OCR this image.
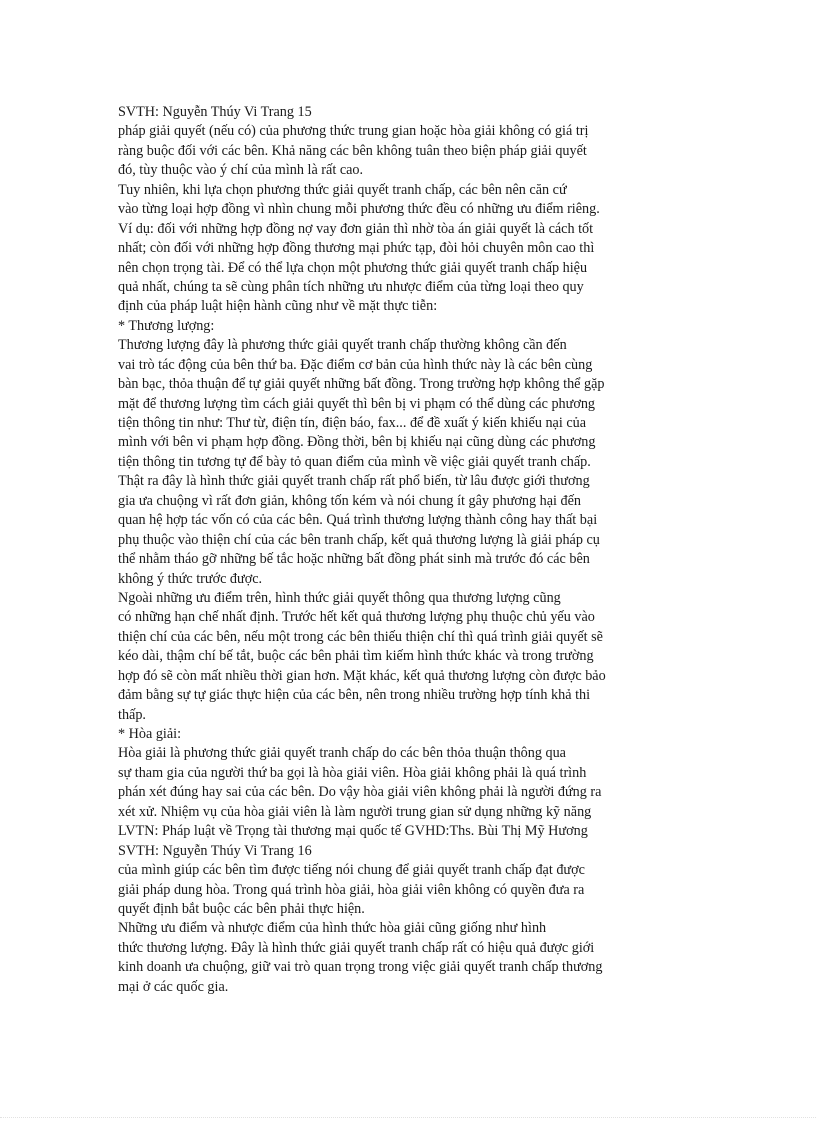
SVTH: Nguyễn Thúy Vi Trang 15
pháp giải quyết (nếu có) của phương thức trung gian hoặc hòa giải không có giá trị
ràng buộc đối với các bên. Khả năng các bên không tuân theo biện pháp giải quyết
đó, tùy thuộc vào ý chí của mình là rất cao.
Tuy nhiên, khi lựa chọn phương thức giải quyết tranh chấp, các bên nên căn cứ
vào từng loại hợp đồng vì nhìn chung mỗi phương thức đều có những ưu điểm riêng.
Ví dụ: đối với những hợp đồng nợ vay đơn giản thì nhờ tòa án giải quyết là cách tốt
nhất; còn đối với những hợp đồng thương mại phức tạp, đòi hỏi chuyên môn cao thì
nên chọn trọng tài. Để có thể lựa chọn một phương thức giải quyết tranh chấp hiệu
quả nhất, chúng ta sẽ cùng phân tích những ưu nhược điểm của từng loại theo quy
định của pháp luật hiện hành cũng như về mặt thực tiễn:
* Thương lượng:
Thương lượng đây là phương thức giải quyết tranh chấp thường không cần đến
vai trò tác động của bên thứ ba. Đặc điểm cơ bản của hình thức này là các bên cùng
bàn bạc, thỏa thuận để tự giải quyết những bất đồng. Trong trường hợp không thể gặp
mặt để thương lượng tìm cách giải quyết thì bên bị vi phạm có thể dùng các phương
tiện thông tin như: Thư từ, điện tín, điện báo, fax... để đề xuất ý kiến khiếu nại của
mình với bên vi phạm hợp đồng. Đồng thời, bên bị khiếu nại cũng dùng các phương
tiện thông tin tương tự để bày tỏ quan điểm của mình về việc giải quyết tranh chấp.
Thật ra đây là hình thức giải quyết tranh chấp rất phổ biến, từ lâu được giới thương
gia ưa chuộng vì rất đơn giản, không tốn kém và nói chung ít gây phương hại đến
quan hệ hợp tác vốn có của các bên. Quá trình thương lượng thành công hay thất bại
phụ thuộc vào thiện chí của các bên tranh chấp, kết quả thương lượng là giải pháp cụ
thể nhằm tháo gỡ những bế tắc hoặc những bất đồng phát sinh mà trước đó các bên
không ý thức trước được.
Ngoài những ưu điểm trên, hình thức giải quyết thông qua thương lượng cũng
có những hạn chế nhất định. Trước hết kết quả thương lượng phụ thuộc chủ yếu vào
thiện chí của các bên, nếu một trong các bên thiếu thiện chí thì quá trình giải quyết sẽ
kéo dài, thậm chí bế tắt, buộc các bên phải tìm kiếm hình thức khác và trong trường
hợp đó sẽ còn mất nhiều thời gian hơn. Mặt khác, kết quả thương lượng còn được bảo
đảm bằng sự tự giác thực hiện của các bên, nên trong nhiều trường hợp tính khả thi
thấp.
* Hòa giải:
Hòa giải là phương thức giải quyết tranh chấp do các bên thỏa thuận thông qua
sự tham gia của người thứ ba gọi là hòa giải viên. Hòa giải không phải là quá trình
phán xét đúng hay sai của các bên. Do vậy hòa giải viên không phải là người đứng ra
xét xử. Nhiệm vụ của hòa giải viên là làm người trung gian sử dụng những kỹ năng
LVTN: Pháp luật về Trọng tài thương mại quốc tế GVHD:Ths. Bùi Thị Mỹ Hương
SVTH: Nguyễn Thúy Vi Trang 16
của mình giúp các bên tìm được tiếng nói chung để giải quyết tranh chấp đạt được
giải pháp dung hòa. Trong quá trình hòa giải, hòa giải viên không có quyền đưa ra
quyết định bắt buộc các bên phải thực hiện.
Những ưu điểm và nhược điểm của hình thức hòa giải cũng giống như hình
thức thương lượng. Đây là hình thức giải quyết tranh chấp rất có hiệu quả được giới
kinh doanh ưa chuộng, giữ vai trò quan trọng trong việc giải quyết tranh chấp thương
mại ở các quốc gia.
